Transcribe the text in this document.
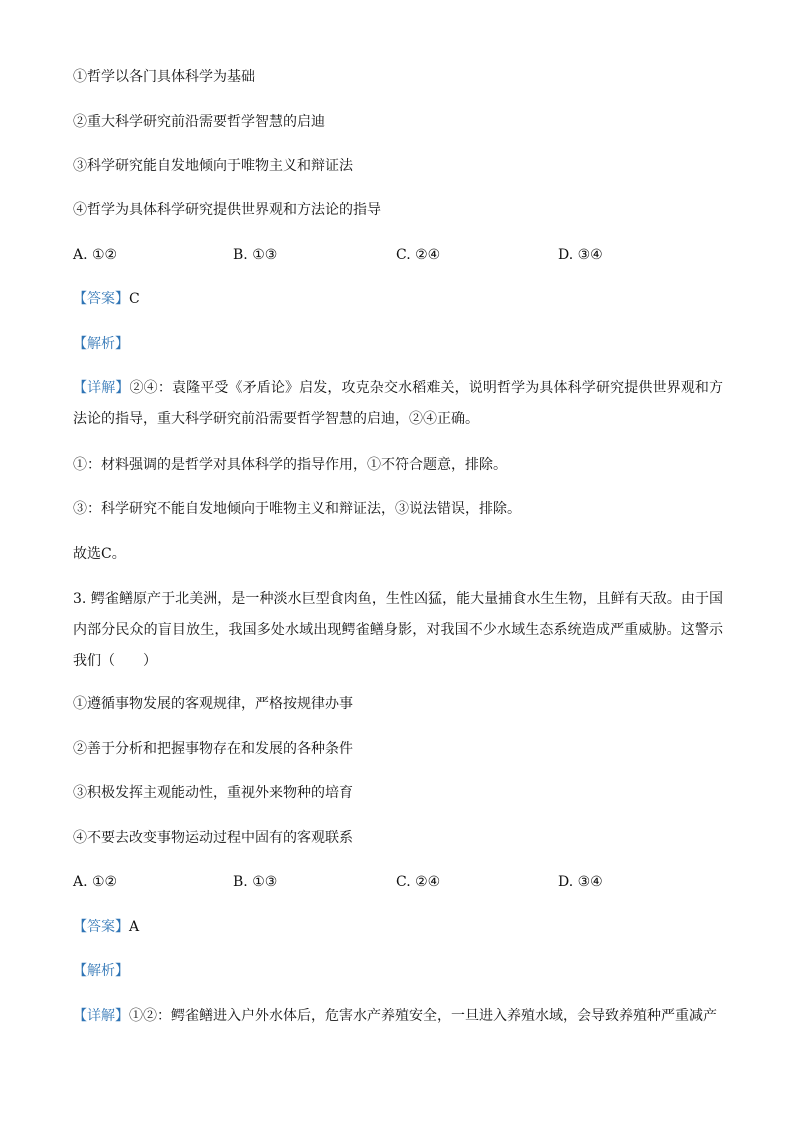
①哲学以各门具体科学为基础
②重大科学研究前沿需要哲学智慧的启迪
③科学研究能自发地倾向于唯物主义和辩证法
④哲学为具体科学研究提供世界观和方法论的指导
A. ①②	B. ①③	C. ②④	D. ③④
【答案】C
【解析】
【详解】②④：袁隆平受《矛盾论》启发，攻克杂交水稻难关，说明哲学为具体科学研究提供世界观和方法论的指导，重大科学研究前沿需要哲学智慧的启迪，②④正确。
①：材料强调的是哲学对具体科学的指导作用，①不符合题意，排除。
③：科学研究不能自发地倾向于唯物主义和辩证法，③说法错误，排除。
故选C。
3. 鳄雀鳝原产于北美洲，是一种淡水巨型食肉鱼，生性凶猛，能大量捕食水生生物，且鲜有天敌。由于国内部分民众的盲目放生，我国多处水域出现鳄雀鳝身影，对我国不少水域生态系统造成严重威胁。这警示我们（　　）
①遵循事物发展的客观规律，严格按规律办事
②善于分析和把握事物存在和发展的各种条件
③积极发挥主观能动性，重视外来物种的培育
④不要去改变事物运动过程中固有的客观联系
A. ①②	B. ①③	C. ②④	D. ③④
【答案】A
【解析】
【详解】①②：鳄雀鳝进入户外水体后，危害水产养殖安全，一旦进入养殖水域，会导致养殖种严重减产
